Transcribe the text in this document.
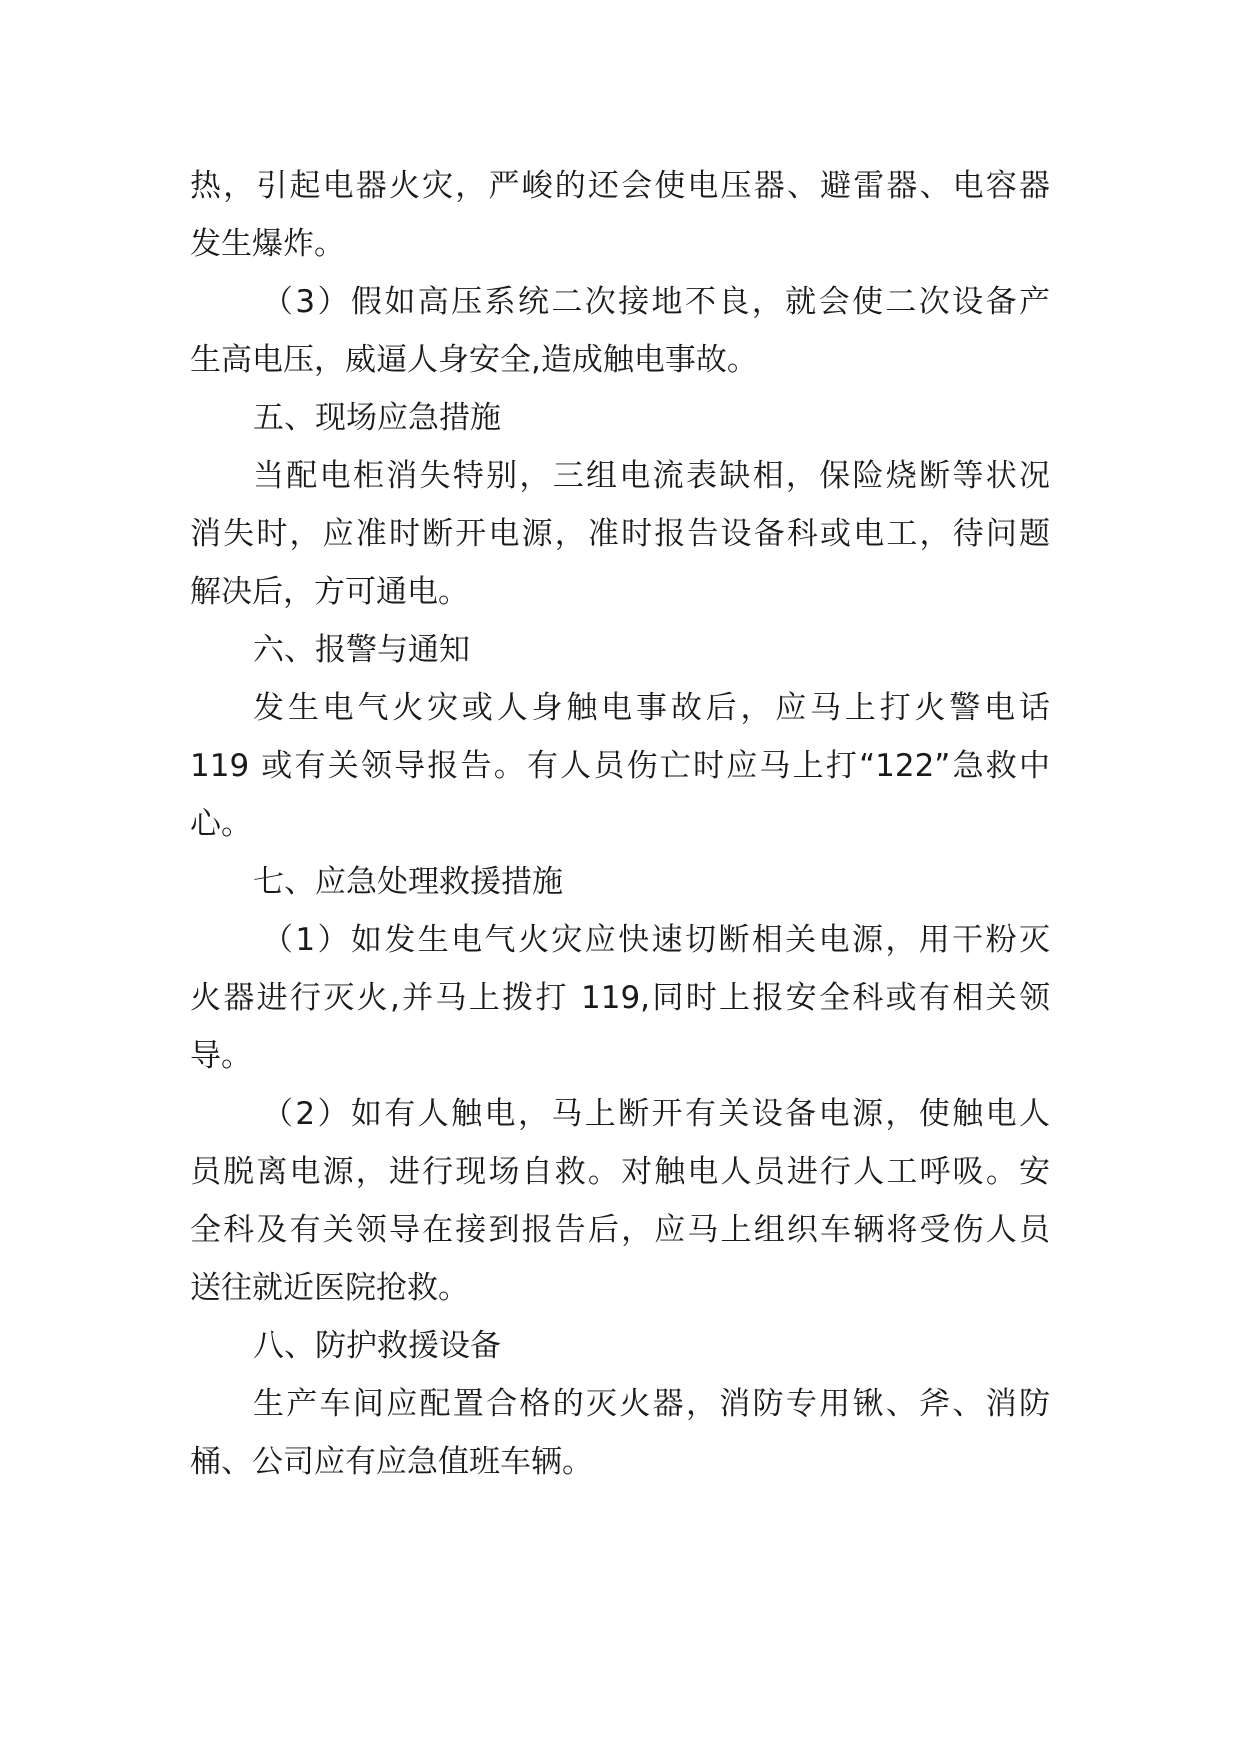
热，引起电器火灾，严峻的还会使电压器、避雷器、电容器
发生爆炸。
（3）假如高压系统二次接地不良，就会使二次设备产
生高电压，威逼人身安全,造成触电事故。
五、现场应急措施
当配电柜消失特别，三组电流表缺相，保险烧断等状况
消失时，应准时断开电源，准时报告设备科或电工，待问题
解决后，方可通电。
六、报警与通知
发生电气火灾或人身触电事故后，应马上打火警电话
119 或有关领导报告。有人员伤亡时应马上打“122”急救中
心。
七、应急处理救援措施
（1）如发生电气火灾应快速切断相关电源，用干粉灭
火器进行灭火,并马上拨打 119,同时上报安全科或有相关领
导。
（2）如有人触电，马上断开有关设备电源，使触电人
员脱离电源，进行现场自救。对触电人员进行人工呼吸。安
全科及有关领导在接到报告后，应马上组织车辆将受伤人员
送往就近医院抢救。
八、防护救援设备
生产车间应配置合格的灭火器，消防专用锹、斧、消防
桶、公司应有应急值班车辆。
